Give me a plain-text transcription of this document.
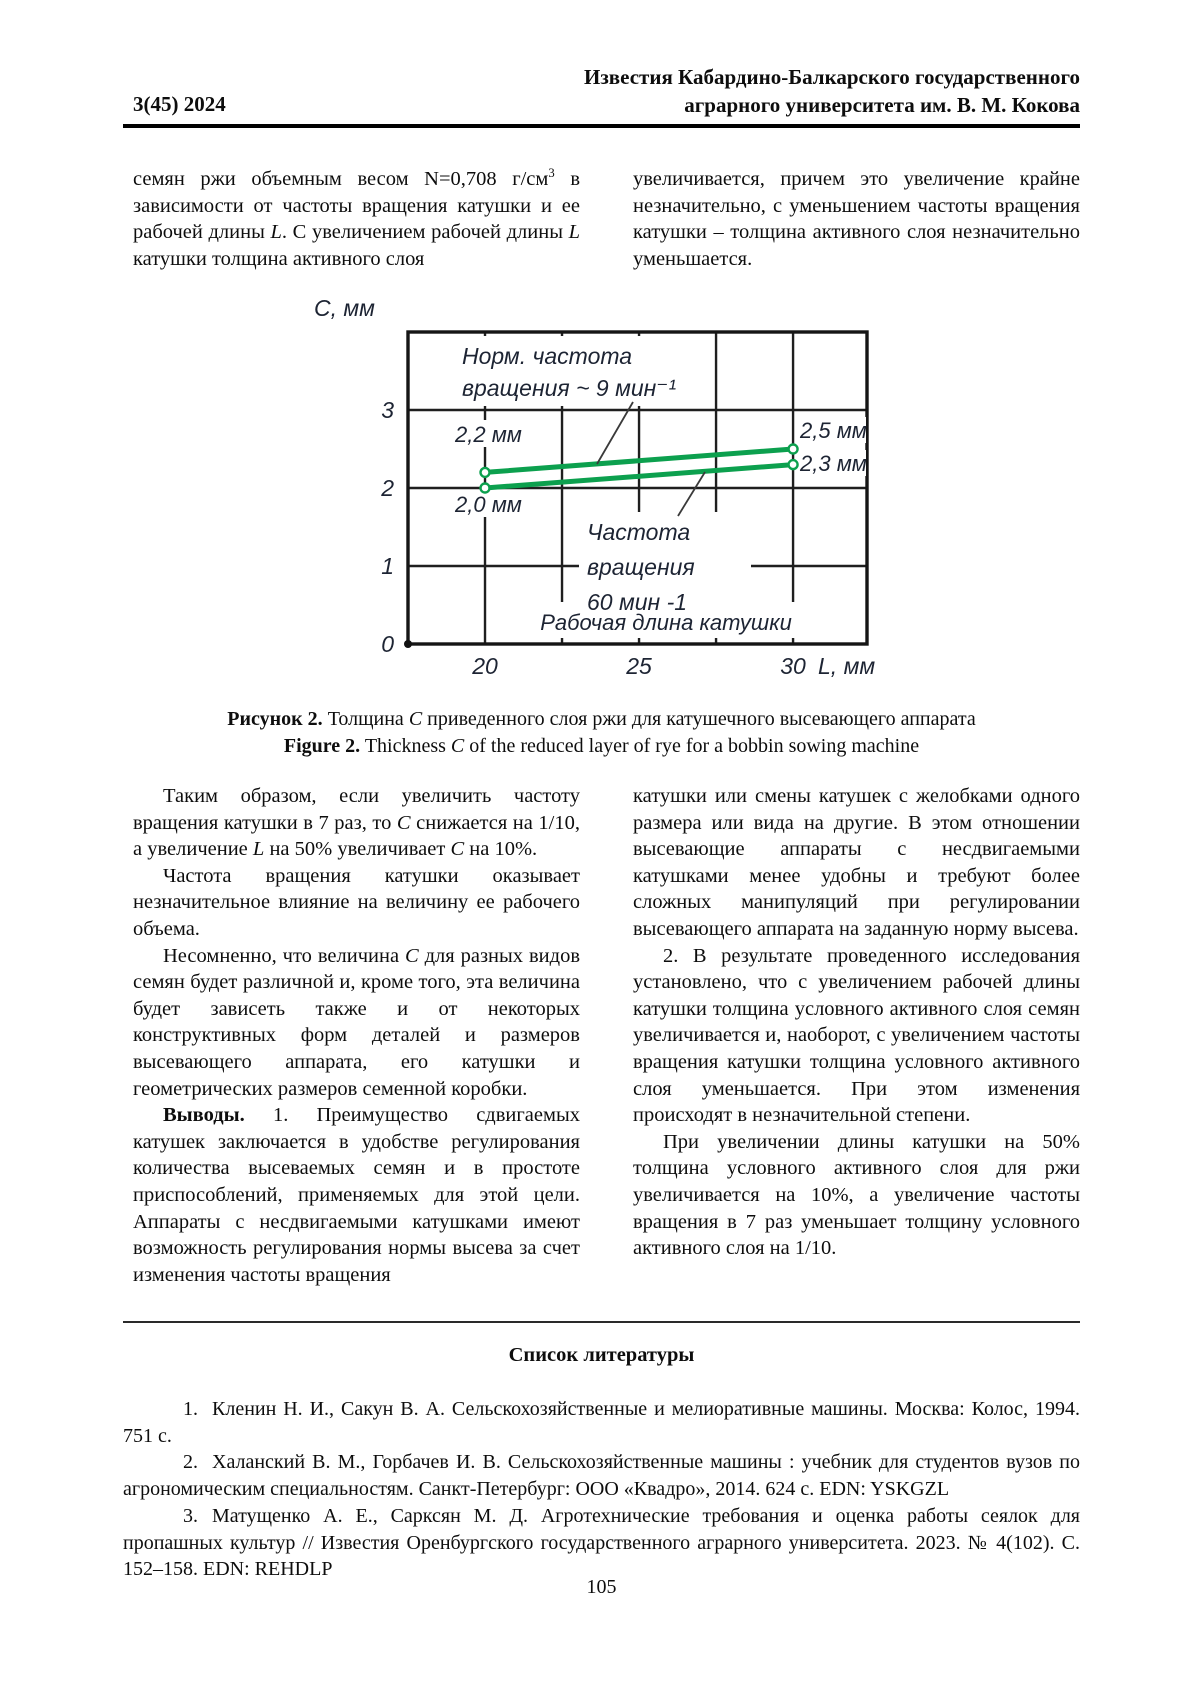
3(45) 2024
Известия Кабардино-Балкарского государственного
аграрного университета им. В. М. Кокова

семян ржи объемным весом N=0,708 $г/см^3$ в зависимости от частоты вращения катушки и ее рабочей длины L. С увеличением рабочей длины L катушки толщина активного слоя

увеличивается, причем это увеличение крайне незначительно, с уменьшением частоты вращения катушки – толщина активного слоя незначительно уменьшается.

2,2 мм	2,5 мм
2,0 мм
2,3 мм
Норм. частота
вращения ~ 9 мин⁻¹
Частота
вращения
60 мин -1
Рабочая длина катушки
0
1
2
3
20	25	30 L, мм
C, мм
Рисунок 2. Толщина С приведенного слоя ржи для катушечного высевающего аппарата
Figure 2. Thickness C of the reduced layer of rye for a bobbin sowing machine

Таким образом, если увеличить частоту вращения катушки в 7 раз, то С снижается на 1/10, а увеличение L на 50% увеличивает С на 10%.

Частота вращения катушки оказывает незначительное влияние на величину ее рабочего объема.

Несомненно, что величина С для разных видов семян будет различной и, кроме того, эта величина будет зависеть также и от некоторых конструктивных форм деталей и размеров высевающего аппарата, его катушки и геометрических размеров семенной коробки.

Выводы. 1. Преимущество сдвигаемых катушек заключается в удобстве регулирования количества высеваемых семян и в простоте приспособлений, применяемых для этой цели. Аппараты с несдвигаемыми катушками имеют возможность регулирования нормы высева за счет изменения частоты вращения

катушки или смены катушек с желобками одного размера или вида на другие. В этом отношении высевающие аппараты с несдвигаемыми катушками менее удобны и требуют более сложных манипуляций при регулировании высевающего аппарата на заданную норму высева.

2. В результате проведенного исследования установлено, что с увеличением рабочей длины катушки толщина условного активного слоя семян увеличивается и, наоборот, с увеличением частоты вращения катушки толщина условного активного слоя уменьшается. При этом изменения происходят в незначительной степени.

При увеличении длины катушки на 50% толщина условного активного слоя для ржи увеличивается на 10%, а увеличение частоты вращения в 7 раз уменьшает толщину условного активного слоя на 1/10.

Список литературы

1. Кленин Н. И., Сакун В. А. Сельскохозяйственные и мелиоративные машины. Москва: Колос, 1994. 751 с.

2. Халанский В. М., Горбачев И. В. Сельскохозяйственные машины : учебник для студентов вузов по агрономическим специальностям. Санкт-Петербург: ООО «Квадро», 2014. 624 с. EDN: YSKGZL

3. Матущенко А. Е., Сарксян М. Д. Агротехнические требования и оценка работы сеялок для пропашных культур // Известия Оренбургского государственного аграрного университета. 2023. № 4(102). С. 152–158. EDN: REHDLP

105
